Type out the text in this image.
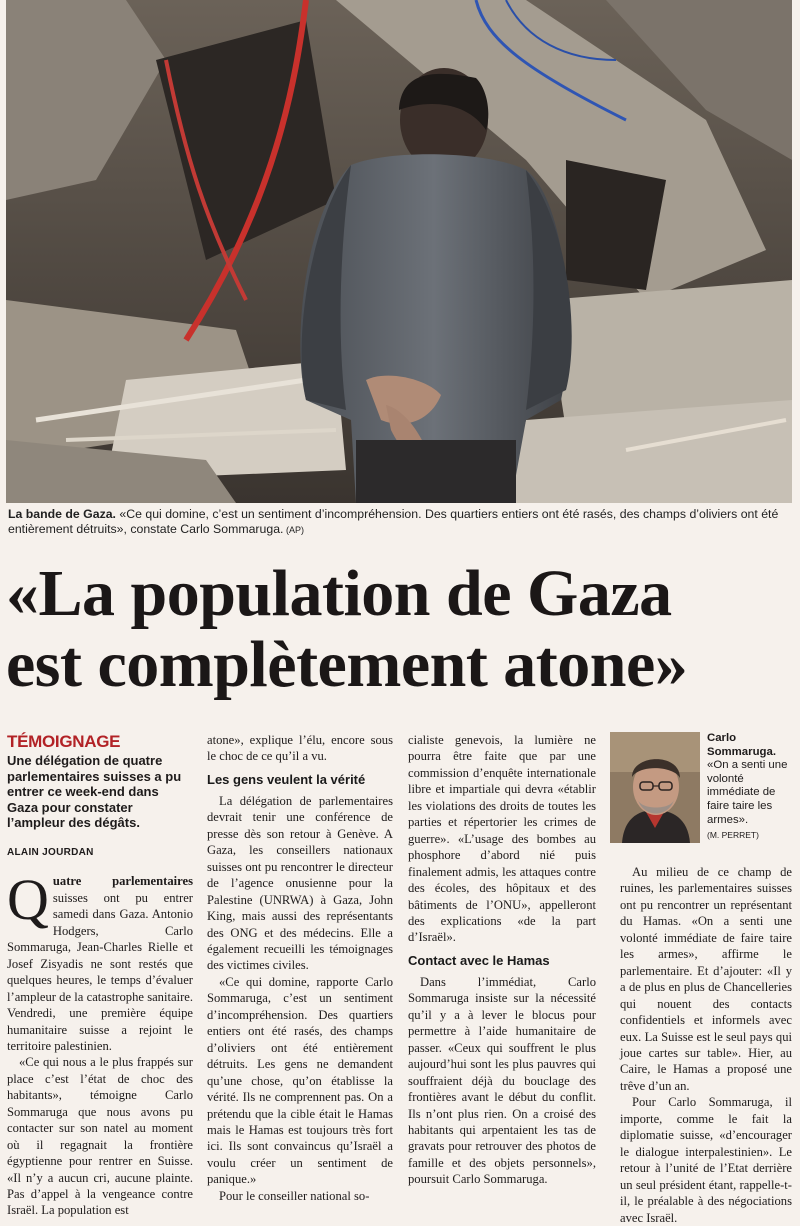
La bande de Gaza. «Ce qui domine, c’est un sentiment d’incompréhension. Des quartiers entiers ont été rasés, des champs d’oliviers ont été entièrement détruits», constate Carlo Sommaruga. (AP)
«La population de Gaza
est complètement atone»
TÉMOIGNAGE
Une délégation de quatre parlementaires suisses a pu entrer ce week-end dans Gaza pour constater l’ampleur des dégâts.
ALAIN JOURDAN

Quatre parlementaires suisses ont pu entrer samedi dans Gaza. Antonio Hodgers, Carlo Sommaruga, Jean-Charles Rielle et Josef Zisyadis ne sont restés que quelques heures, le temps d’évaluer l’ampleur de la catastrophe sanitaire. Vendredi, une première équipe humanitaire suisse a rejoint le territoire palestinien.

«Ce qui nous a le plus frappés sur place c’est l’état de choc des habitants», témoigne Carlo Sommaruga que nous avons pu contacter sur son natel au moment où il regagnait la frontière égyptienne pour rentrer en Suisse. «Il n’y a aucun cri, aucune plainte. Pas d’appel à la vengeance contre Israël. La population est

atone», explique l’élu, encore sous le choc de ce qu’il a vu.

Les gens veulent la vérité

La délégation de parlementaires devrait tenir une conférence de presse dès son retour à Genève. A Gaza, les conseillers nationaux suisses ont pu rencontrer le directeur de l’agence onusienne pour la Palestine (UNRWA) à Gaza, John King, mais aussi des représentants des ONG et des médecins. Elle a également recueilli les témoignages des victimes civiles.

«Ce qui domine, rapporte Carlo Sommaruga, c’est un sentiment d’incompréhension. Des quartiers entiers ont été rasés, des champs d’oliviers ont été entièrement détruits. Les gens ne demandent qu’une chose, qu’on établisse la vérité. Ils ne comprennent pas. On a prétendu que la cible était le Hamas mais le Hamas est toujours très fort ici. Ils sont convaincus qu’Israël a voulu créer un sentiment de panique.»

Pour le conseiller national so-

cialiste genevois, la lumière ne pourra être faite que par une commission d’enquête internationale libre et impartiale qui devra «établir les violations des droits de toutes les parties et répertorier les crimes de guerre». «L’usage des bombes au phosphore d’abord nié puis finalement admis, les attaques contre des écoles, des hôpitaux et des bâtiments de l’ONU», appelleront des explications «de la part d’Israël».

Contact avec le Hamas

Dans l’immédiat, Carlo Sommaruga insiste sur la nécessité qu’il y a à lever le blocus pour permettre à l’aide humanitaire de passer. «Ceux qui souffrent le plus aujourd’hui sont les plus pauvres qui souffraient déjà du bouclage des frontières avant le début du conflit. Ils n’ont plus rien. On a croisé des habitants qui arpentaient les tas de gravats pour retrouver des photos de famille et des objets personnels», poursuit Carlo Sommaruga.

Carlo Sommaruga.
«On a senti une volonté immédiate de faire taire les armes».
(M. PERRET)

Au milieu de ce champ de ruines, les parlementaires suisses ont pu rencontrer un représentant du Hamas. «On a senti une volonté immédiate de faire taire les armes», affirme le parlementaire. Et d’ajouter: «Il y a de plus en plus de Chancelleries qui nouent des contacts confidentiels et informels avec eux. La Suisse est le seul pays qui joue cartes sur table». Hier, au Caire, le Hamas a proposé une trêve d’un an.

Pour Carlo Sommaruga, il importe, comme le fait la diplomatie suisse, «d’encourager le dialogue interpalestinien». Le retour à l’unité de l’Etat derrière un seul président étant, rappelle-t-il, le préalable à des négociations avec Israël.
